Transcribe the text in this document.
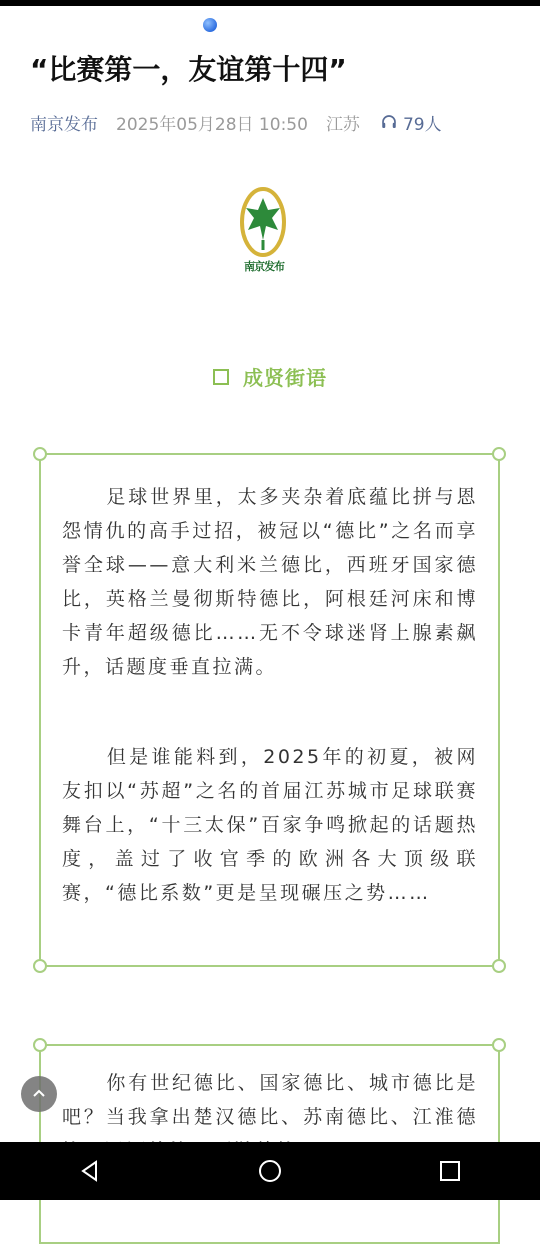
“比赛第一，友谊第十四”
南京发布 2025年05月28日 10:50 江苏	79人
南京发布
成贤街语

足球世界里，太多夹杂着底蕴比拼与恩怨情仇的高手过招，被冠以“德比”之名而享誉全球——意大利米兰德比，西班牙国家德比，英格兰曼彻斯特德比，阿根廷河床和博卡青年超级德比……无不令球迷肾上腺素飙升，话题度垂直拉满。

但是谁能料到，2025年的初夏，被网友扣以“苏超”之名的首届江苏城市足球联赛舞台上，“十三太保”百家争鸣掀起的话题热度，盖过了收官季的欧洲各大顶级联赛，“德比系数”更是呈现碾压之势……

你有世纪德比、国家德比、城市德比是吧？当我拿出楚汉德比、苏南德比、江淮德
